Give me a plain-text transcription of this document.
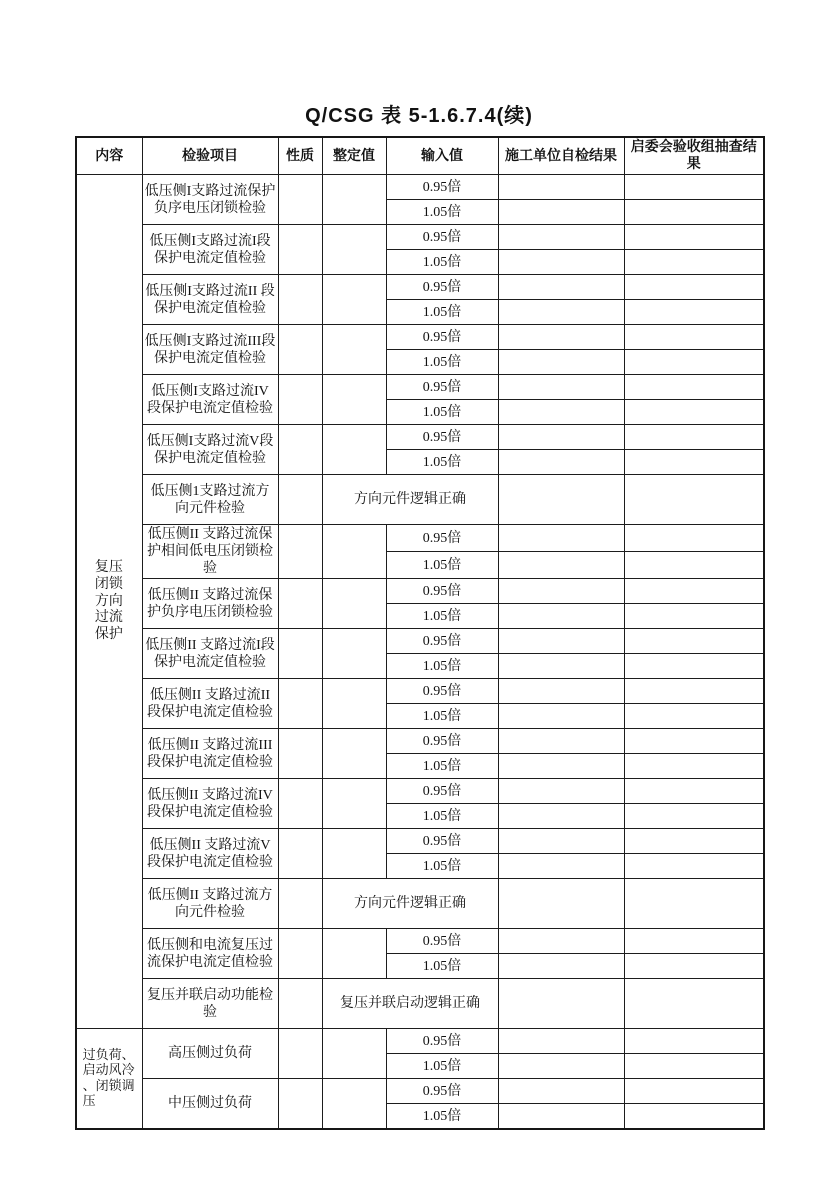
Q/CSG 表 5-1.6.7.4(续)
内容	检验项目	性质	整定值	输入值	施工单位自检结果	启委会验收组抽查结果
复压闭锁方向过流保护	低压侧I支路过流保护负序电压闭锁检验			0.95倍		
				1.05倍		
	低压侧I支路过流I段保护电流定值检验			0.95倍		
				1.05倍		
	低压侧I支路过流II 段保护电流定值检验			0.95倍		
				1.05倍		
	低压侧I支路过流III段保护电流定值检验			0.95倍		
				1.05倍		
	低压侧I支路过流IV 段保护电流定值检验			0.95倍		
				1.05倍		
	低压侧I支路过流V段保护电流定值检验			0.95倍		
				1.05倍		
	低压侧1支路过流方向元件检验		方向元件逻辑正确			
	低压侧II 支路过流保护相间低电压闭锁检验			0.95倍		
				1.05倍		
	低压侧II 支路过流保护负序电压闭锁检验			0.95倍		
				1.05倍		
	低压侧II 支路过流I段保护电流定值检验			0.95倍		
				1.05倍		
	低压侧II 支路过流II段保护电流定值检验			0.95倍		
				1.05倍		
	低压侧II 支路过流III段保护电流定值检验			0.95倍		
				1.05倍		
	低压侧II 支路过流IV段保护电流定值检验			0.95倍		
				1.05倍		
	低压侧II 支路过流V段保护电流定值检验			0.95倍		
				1.05倍		
	低压侧II 支路过流方向元件检验		方向元件逻辑正确			
	低压侧和电流复压过流保护电流定值检验			0.95倍		
				1.05倍		
	复压并联启动功能检验		复压并联启动逻辑正确			
过负荷、启动风冷、闭锁调压	高压侧过负荷			0.95倍		
				1.05倍		
	中压侧过负荷			0.95倍		
				1.05倍		
